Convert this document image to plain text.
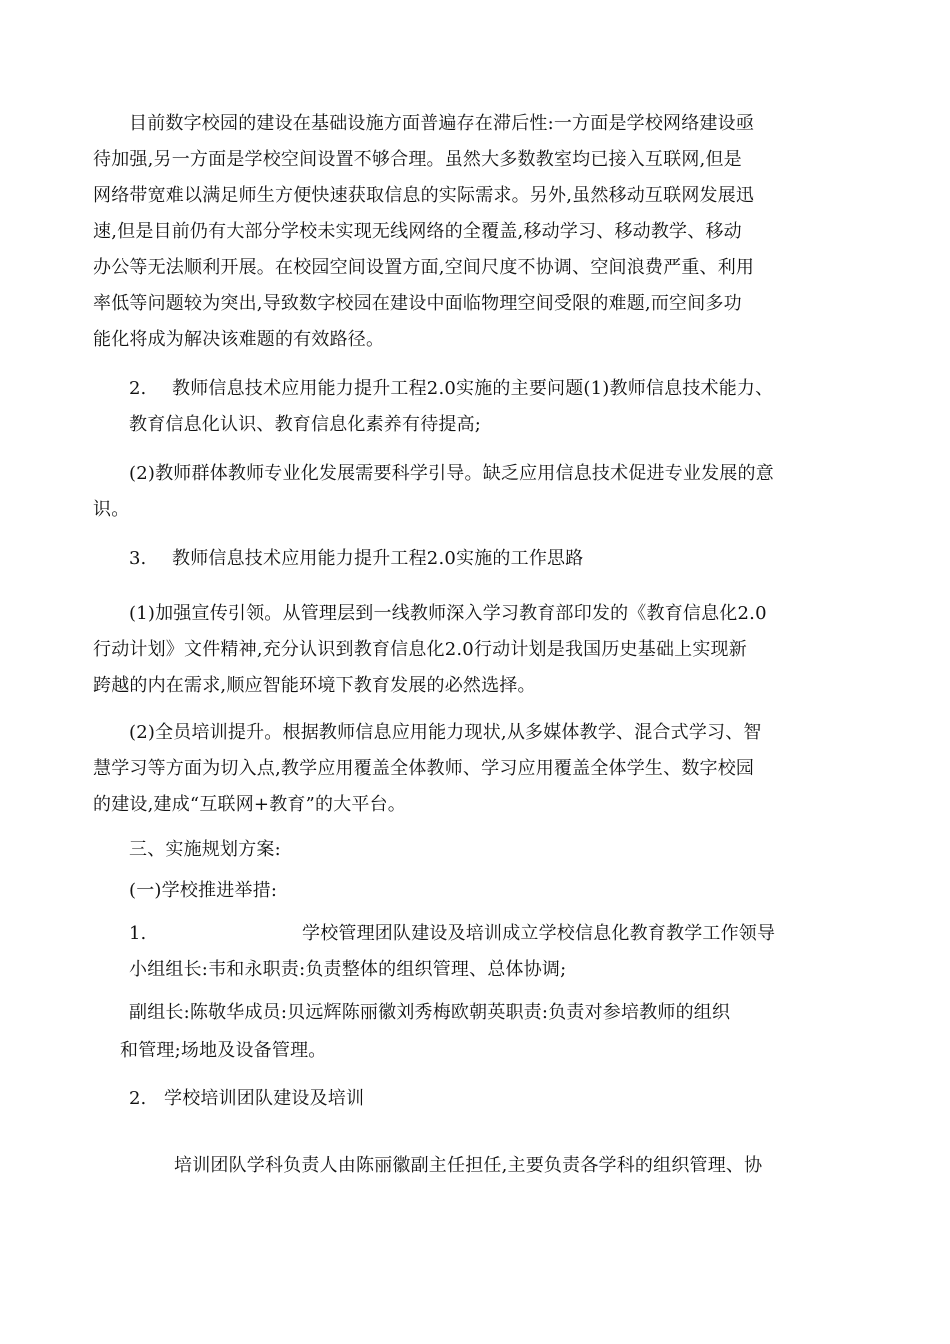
目前数字校园的建设在基础设施方面普遍存在滞后性:一方面是学校网络建设亟
待加强,另一方面是学校空间设置不够合理。虽然大多数教室均已接入互联网,但是
网络带宽难以满足师生方便快速获取信息的实际需求。另外,虽然移动互联网发展迅
速,但是目前仍有大部分学校未实现无线网络的全覆盖,移动学习、移动教学、移动
办公等无法顺利开展。在校园空间设置方面,空间尺度不协调、空间浪费严重、利用
率低等问题较为突出,导致数字校园在建设中面临物理空间受限的难题,而空间多功
能化将成为解决该难题的有效路径。
2. 教师信息技术应用能力提升工程2.0实施的主要问题(1)教师信息技术能力、
教育信息化认识、教育信息化素养有待提高;
(2)教师群体教师专业化发展需要科学引导。缺乏应用信息技术促进专业发展的意
识。
3. 教师信息技术应用能力提升工程2.0实施的工作思路
(1)加强宣传引领。从管理层到一线教师深入学习教育部印发的《教育信息化2.0
行动计划》文件精神,充分认识到教育信息化2.0行动计划是我国历史基础上实现新
跨越的内在需求,顺应智能环境下教育发展的必然选择。
(2)全员培训提升。根据教师信息应用能力现状,从多媒体教学、混合式学习、智
慧学习等方面为切入点,教学应用覆盖全体教师、学习应用覆盖全体学生、数字校园
的建设,建成“互联网+教育”的大平台。
三、实施规划方案:
(一)学校推进举措:
1.	学校管理团队建设及培训成立学校信息化教育教学工作领导
小组组长:韦和永职责:负责整体的组织管理、总体协调;
副组长:陈敬华成员:贝远辉陈丽徽刘秀梅欧朝英职责:负责对参培教师的组织
和管理;场地及设备管理。
2. 学校培训团队建设及培训
培训团队学科负责人由陈丽徽副主任担任,主要负责各学科的组织管理、协
